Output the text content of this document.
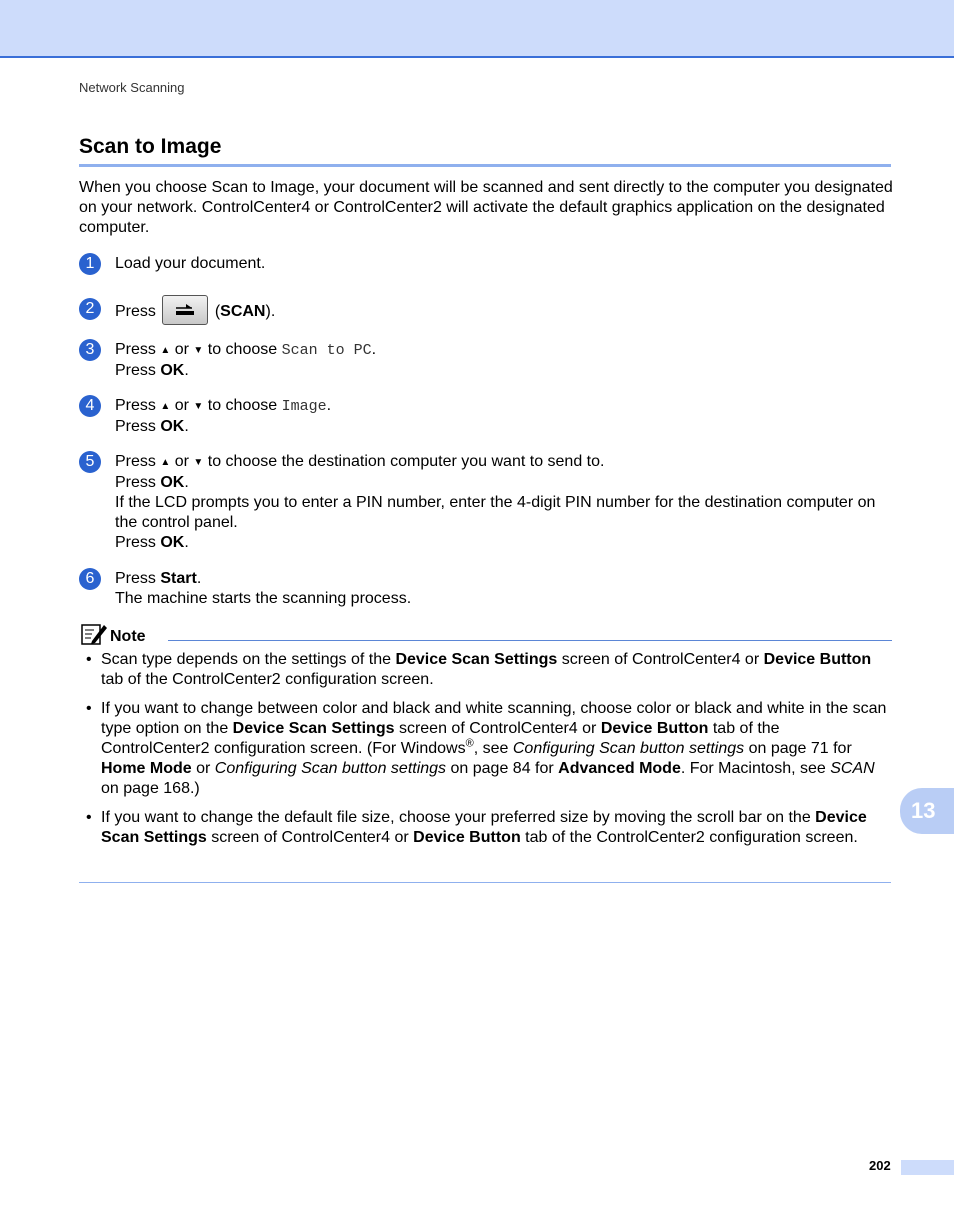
Network Scanning
Scan to Image

When you choose Scan to Image, your document will be scanned and sent directly to the computer you designated on your network. ControlCenter4 or ControlCenter2 will activate the default graphics application on the designated computer.

1	Load your document.
2	Press	(SCAN).
3	Press ▲ or ▼ to choose Scan to PC.
Press OK.
4	Press ▲ or ▼ to choose Image.
Press OK.
5	Press ▲ or ▼ to choose the destination computer you want to send to.
Press OK.
If the LCD prompts you to enter a PIN number, enter the 4-digit PIN number for the destination computer on the control panel.
Press OK.
6	Press Start.
The machine starts the scanning process.
Note
• Scan type depends on the settings of the Device Scan Settings screen of ControlCenter4 or Device Button tab of the ControlCenter2 configuration screen.
• If you want to change between color and black and white scanning, choose color or black and white in the scan type option on the Device Scan Settings screen of ControlCenter4 or Device Button tab of the ControlCenter2 configuration screen. (For Windows®, see Configuring Scan button settings on page 71 for Home Mode or Configuring Scan button settings on page 84 for Advanced Mode. For Macintosh, see SCAN on page 168.)
• If you want to change the default file size, choose your preferred size by moving the scroll bar on the Device Scan Settings screen of ControlCenter4 or Device Button tab of the ControlCenter2 configuration screen.
13
202
